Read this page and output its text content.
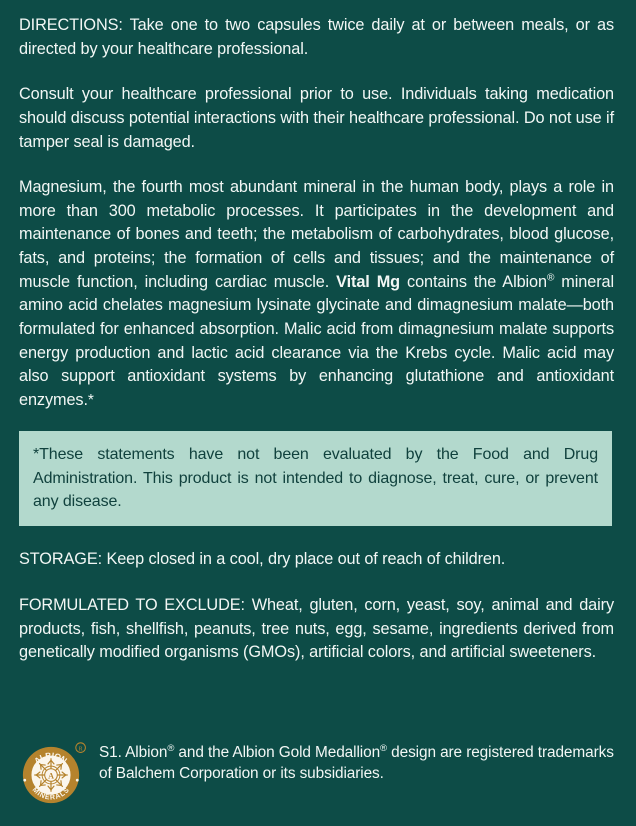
DIRECTIONS: Take one to two capsules twice daily at or between meals, or as directed by your healthcare professional.

Consult your healthcare professional prior to use. Individuals taking medication should discuss potential interactions with their healthcare professional. Do not use if tamper seal is damaged.

Magnesium, the fourth most abundant mineral in the human body, plays a role in more than 300 metabolic processes. It participates in the development and maintenance of bones and teeth; the metabolism of carbohydrates, blood glucose, fats, and proteins; the formation of cells and tissues; and the maintenance of muscle function, including cardiac muscle. Vital Mg contains the Albion® mineral amino acid chelates magnesium lysinate glycinate and dimagnesium malate—both formulated for enhanced absorption. Malic acid from dimagnesium malate supports energy production and lactic acid clearance via the Krebs cycle. Malic acid may also support antioxidant systems by enhancing glutathione and antioxidant enzymes.*

*These statements have not been evaluated by the Food and Drug Administration. This product is not intended to diagnose, treat, cure, or prevent any disease.

STORAGE: Keep closed in a cool, dry place out of reach of children.

FORMULATED TO EXCLUDE: Wheat, gluten, corn, yeast, soy, animal and dairy products, fish, shellfish, peanuts, tree nuts, egg, sesame, ingredients derived from genetically modified organisms (GMOs), artificial colors, and artificial sweeteners.

A
ALBION
MINERALS
R S1. Albion® and the Albion Gold Medallion® design are registered trademarks of Balchem Corporation or its subsidiaries.
